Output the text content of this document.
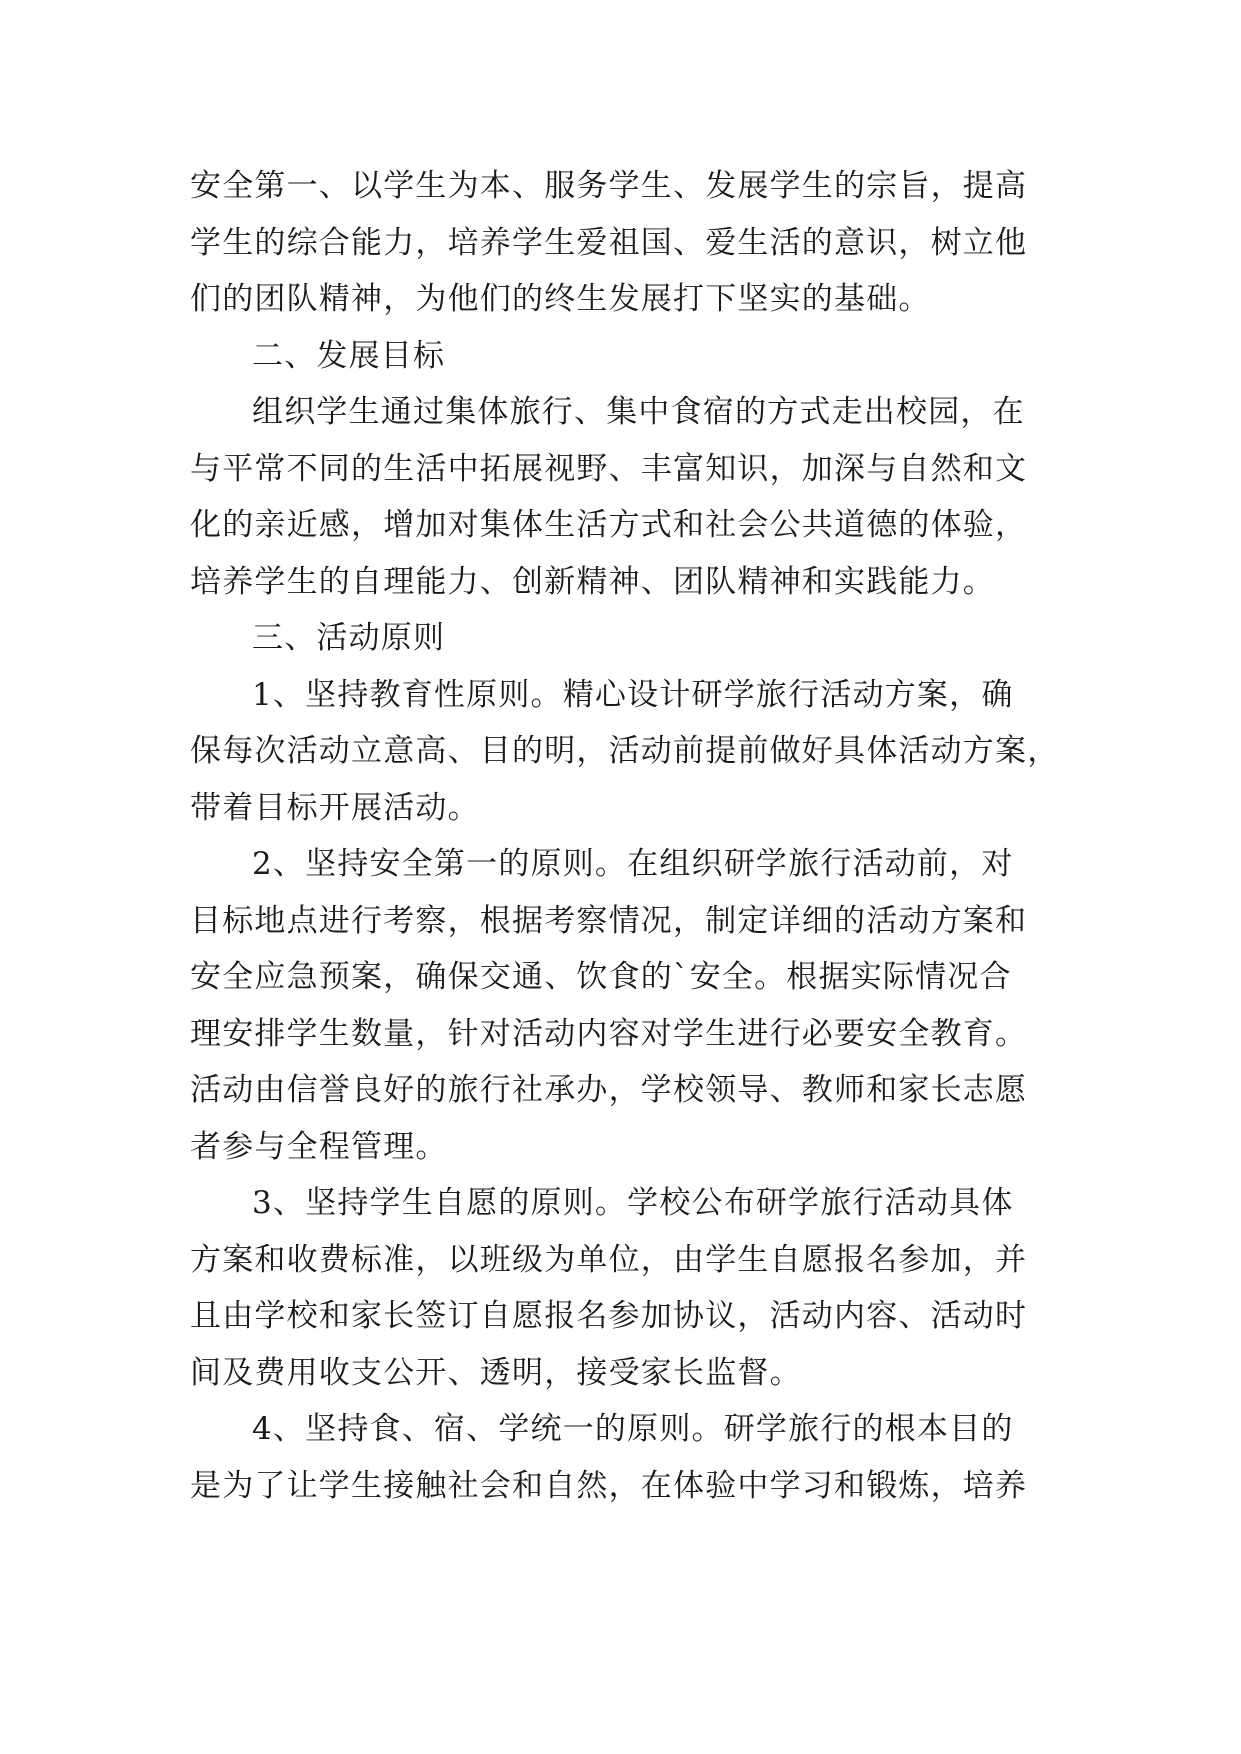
安全第一、以学生为本、服务学生、发展学生的宗旨，提高
学生的综合能力，培养学生爱祖国、爱生活的意识，树立他
们的团队精神，为他们的终生发展打下坚实的基础。
二、发展目标
组织学生通过集体旅行、集中食宿的方式走出校园，在
与平常不同的生活中拓展视野、丰富知识，加深与自然和文
化的亲近感，增加对集体生活方式和社会公共道德的体验，
培养学生的自理能力、创新精神、团队精神和实践能力。
三、活动原则
1、坚持教育性原则。精心设计研学旅行活动方案，确
保每次活动立意高、目的明，活动前提前做好具体活动方案，
带着目标开展活动。
2、坚持安全第一的原则。在组织研学旅行活动前，对
目标地点进行考察，根据考察情况，制定详细的活动方案和
安全应急预案，确保交通、饮食的`安全。根据实际情况合
理安排学生数量，针对活动内容对学生进行必要安全教育。
活动由信誉良好的旅行社承办，学校领导、教师和家长志愿
者参与全程管理。
3、坚持学生自愿的原则。学校公布研学旅行活动具体
方案和收费标准，以班级为单位，由学生自愿报名参加，并
且由学校和家长签订自愿报名参加协议，活动内容、活动时
间及费用收支公开、透明，接受家长监督。
4、坚持食、宿、学统一的原则。研学旅行的根本目的
是为了让学生接触社会和自然，在体验中学习和锻炼，培养
